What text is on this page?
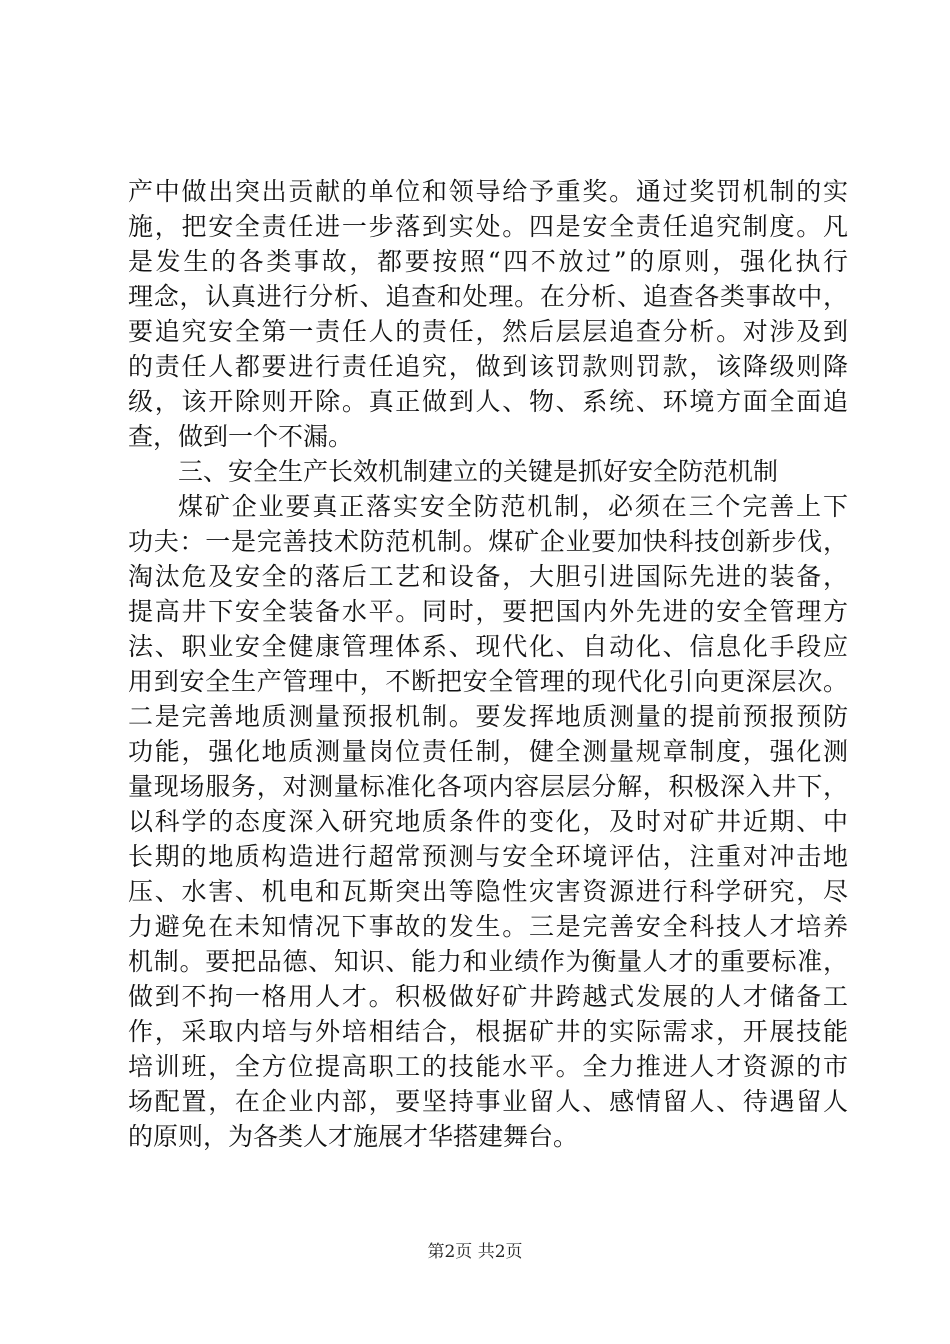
产中做出突出贡献的单位和领导给予重奖。通过奖罚机制的实
施，把安全责任进一步落到实处。四是安全责任追究制度。凡
是发生的各类事故，都要按照“四不放过”的原则，强化执行
理念，认真进行分析、追查和处理。在分析、追查各类事故中，
要追究安全第一责任人的责任，然后层层追查分析。对涉及到
的责任人都要进行责任追究，做到该罚款则罚款，该降级则降
级，该开除则开除。真正做到人、物、系统、环境方面全面追
查，做到一个不漏。
三、安全生产长效机制建立的关键是抓好安全防范机制
煤矿企业要真正落实安全防范机制，必须在三个完善上下
功夫：一是完善技术防范机制。煤矿企业要加快科技创新步伐，
淘汰危及安全的落后工艺和设备，大胆引进国际先进的装备，
提高井下安全装备水平。同时，要把国内外先进的安全管理方
法、职业安全健康管理体系、现代化、自动化、信息化手段应
用到安全生产管理中，不断把安全管理的现代化引向更深层次。
二是完善地质测量预报机制。要发挥地质测量的提前预报预防
功能，强化地质测量岗位责任制，健全测量规章制度，强化测
量现场服务，对测量标准化各项内容层层分解，积极深入井下，
以科学的态度深入研究地质条件的变化，及时对矿井近期、中
长期的地质构造进行超常预测与安全环境评估，注重对冲击地
压、水害、机电和瓦斯突出等隐性灾害资源进行科学研究，尽
力避免在未知情况下事故的发生。三是完善安全科技人才培养
机制。要把品德、知识、能力和业绩作为衡量人才的重要标准，
做到不拘一格用人才。积极做好矿井跨越式发展的人才储备工
作，采取内培与外培相结合，根据矿井的实际需求，开展技能
培训班，全方位提高职工的技能水平。全力推进人才资源的市
场配置，在企业内部，要坚持事业留人、感情留人、待遇留人
的原则，为各类人才施展才华搭建舞台。
第2页 共2页
